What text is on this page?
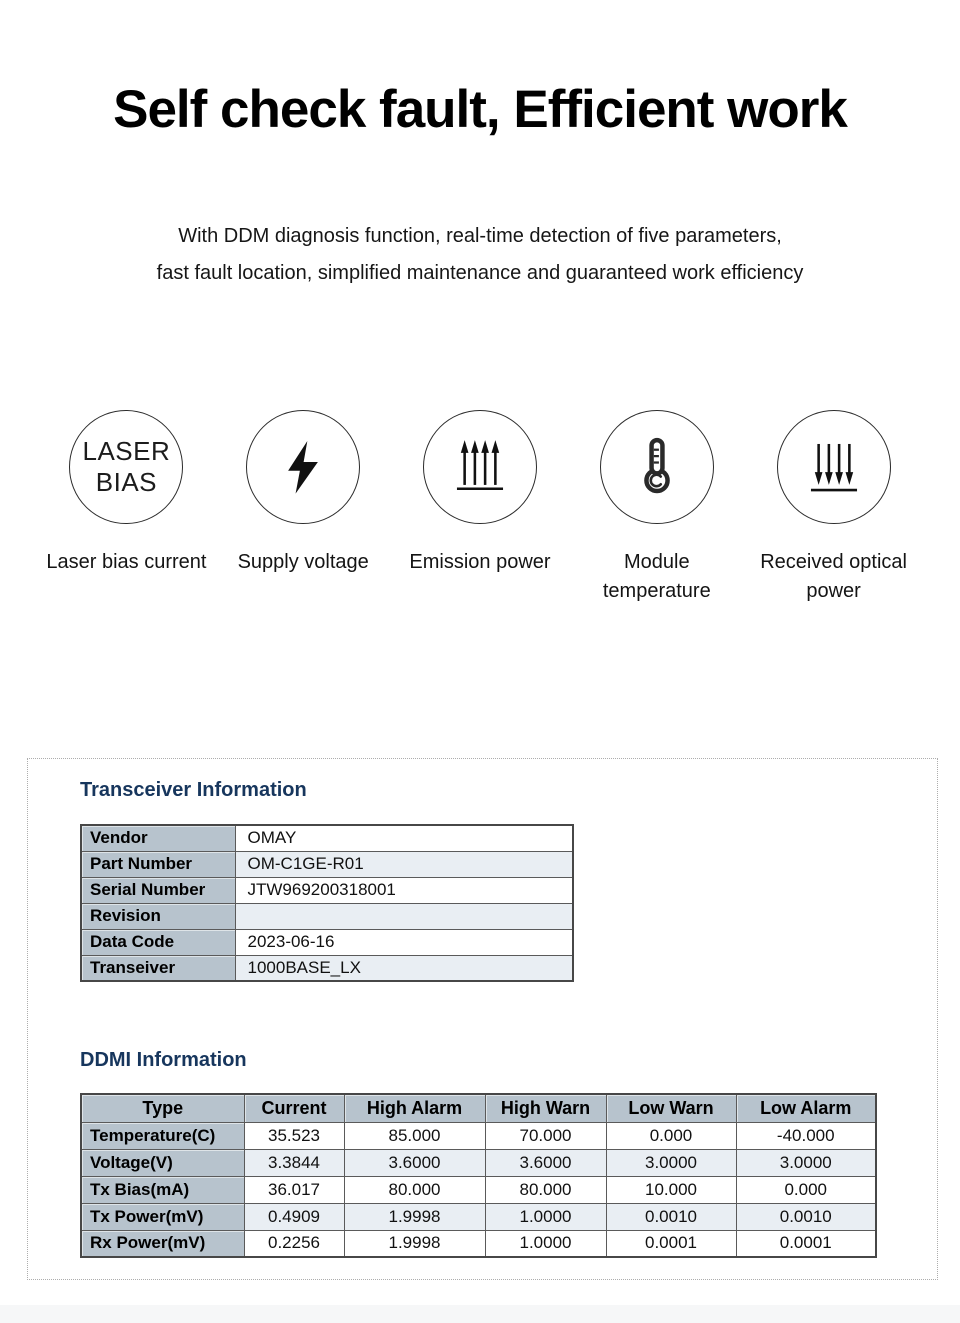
Self check fault, Efficient work

With DDM diagnosis function, real-time detection of five parameters,
fast fault location, simplified maintenance and guaranteed work efficiency

LASER
BIAS
Laser bias current Supply voltage Emission power	Module temperature
Received optical power
Transceiver Information
Vendor	OMAY
Part Number	OM-C1GE-R01
Serial Number	JTW969200318001
Revision	
Data Code	2023-06-16
Transeiver	1000BASE_LX
DDMI Information
Type	Current	High Alarm	High Warn	Low Warn	Low Alarm
Temperature(C)	35.523	85.000	70.000	0.000	-40.000
Voltage(V)	3.3844	3.6000	3.6000	3.0000	3.0000
Tx Bias(mA)	36.017	80.000	80.000	10.000	0.000
Tx Power(mV)	0.4909	1.9998	1.0000	0.0010	0.0010
Rx Power(mV)	0.2256	1.9998	1.0000	0.0001	0.0001
